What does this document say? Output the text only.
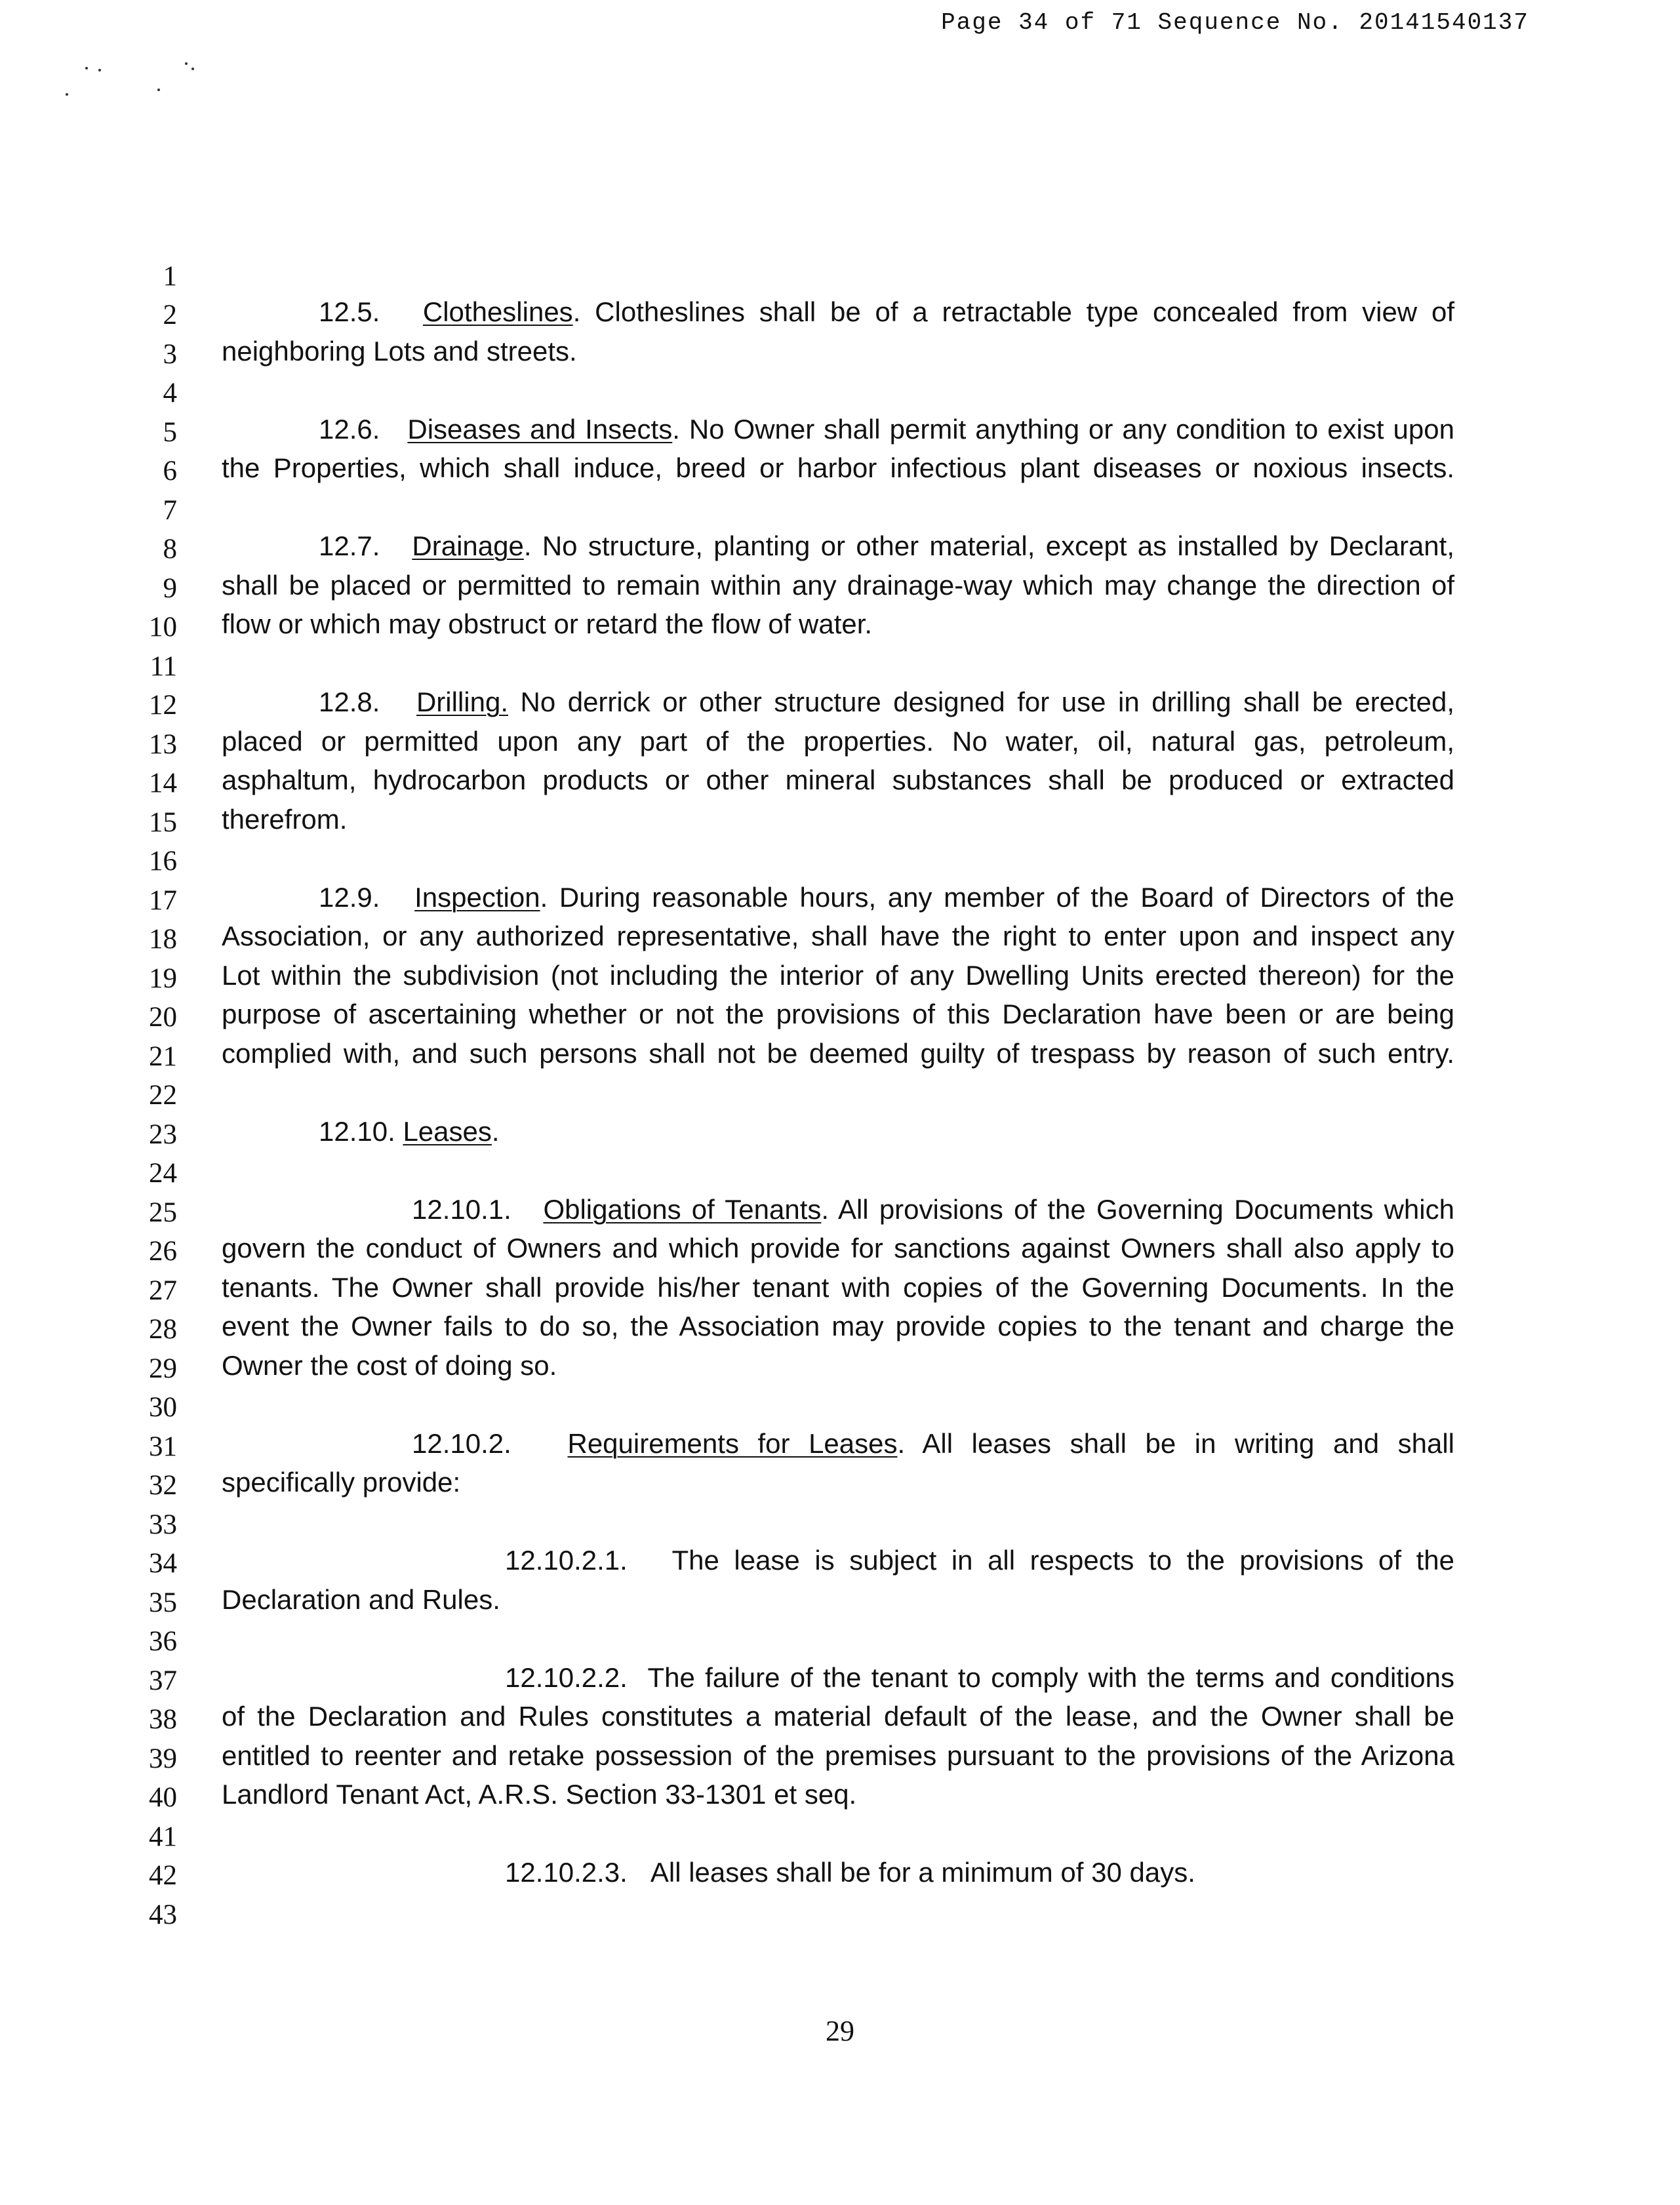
Page 34 of 71 Sequence No. 20141540137
1
2
3
4
5
6
7
8
9
10
11
12
13
14
15
16
17
18
19
20
21
22
23
24
25
26
27
28
29
30
31
32
33
34
35
36
37
38
39
40
41
42
43
12.5. Clotheslines. Clotheslines shall be of a retractable type concealed from view of
neighboring Lots and streets.
12.6. Diseases and Insects. No Owner shall permit anything or any condition to exist upon
the Properties, which shall induce, breed or harbor infectious plant diseases or noxious insects.
12.7. Drainage. No structure, planting or other material, except as installed by Declarant,
shall be placed or permitted to remain within any drainage-way which may change the direction of
flow or which may obstruct or retard the flow of water.
12.8. Drilling. No derrick or other structure designed for use in drilling shall be erected,
placed or permitted upon any part of the properties. No water, oil, natural gas, petroleum,
asphaltum, hydrocarbon products or other mineral substances shall be produced or extracted
therefrom.
12.9. Inspection. During reasonable hours, any member of the Board of Directors of the
Association, or any authorized representative, shall have the right to enter upon and inspect any
Lot within the subdivision (not including the interior of any Dwelling Units erected thereon) for the
purpose of ascertaining whether or not the provisions of this Declaration have been or are being
complied with, and such persons shall not be deemed guilty of trespass by reason of such entry.
12.10. Leases.
12.10.1. Obligations of Tenants. All provisions of the Governing Documents which
govern the conduct of Owners and which provide for sanctions against Owners shall also apply to
tenants. The Owner shall provide his/her tenant with copies of the Governing Documents. In the
event the Owner fails to do so, the Association may provide copies to the tenant and charge the
Owner the cost of doing so.
12.10.2. Requirements for Leases. All leases shall be in writing and shall
specifically provide:
12.10.2.1. The lease is subject in all respects to the provisions of the
Declaration and Rules.
12.10.2.2. The failure of the tenant to comply with the terms and conditions
of the Declaration and Rules constitutes a material default of the lease, and the Owner shall be
entitled to reenter and retake possession of the premises pursuant to the provisions of the Arizona
Landlord Tenant Act, A.R.S. Section 33-1301 et seq.
12.10.2.3. All leases shall be for a minimum of 30 days.
29
